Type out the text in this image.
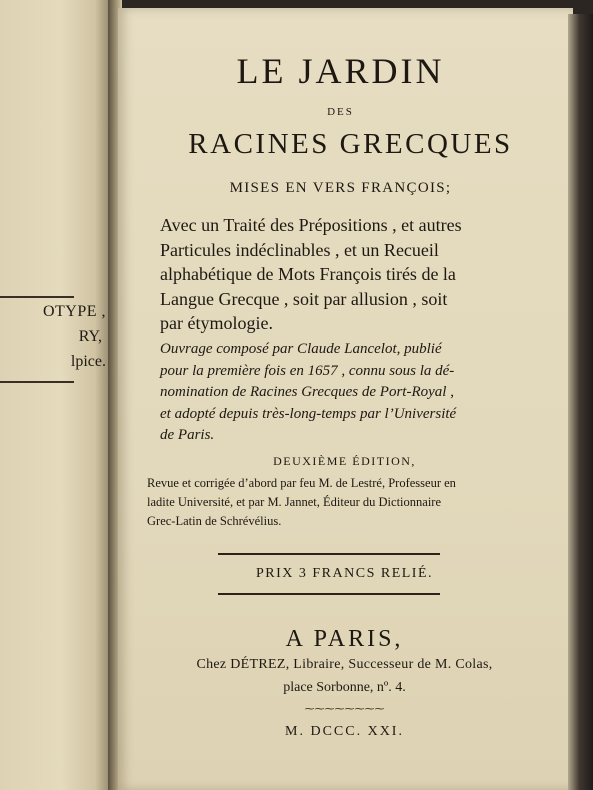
OTYPE ,
RY,
lpice.
LE JARDIN
DES
RACINES GRECQUES
MISES EN VERS FRANÇOIS;
Avec un Traité des Prépositions , et autres
Particules indéclinables , et un Recueil
alphabétique de Mots François tirés de la
Langue Grecque , soit par allusion , soit
par étymologie.
Ouvrage composé par Claude Lancelot, publié
pour la première fois en 1657 , connu sous la dé-
nomination de Racines Grecques de Port-Royal ,
et adopté depuis très-long-temps par l’Université
de Paris.
DEUXIÈME ÉDITION,
Revue et corrigée d’abord par feu M. de Lestré, Professeur en
ladite Université, et par M. Jannet, Éditeur du Dictionnaire
Grec-Latin de Schrévélius.
PRIX 3 FRANCS RELIÉ.
A PARIS,
Chez DÉTREZ, Libraire, Successeur de M. Colas,
place Sorbonne, nº. 4.
⁓⁓⁓⁓⁓⁓⁓⁓
M. DCCC. XXI.
